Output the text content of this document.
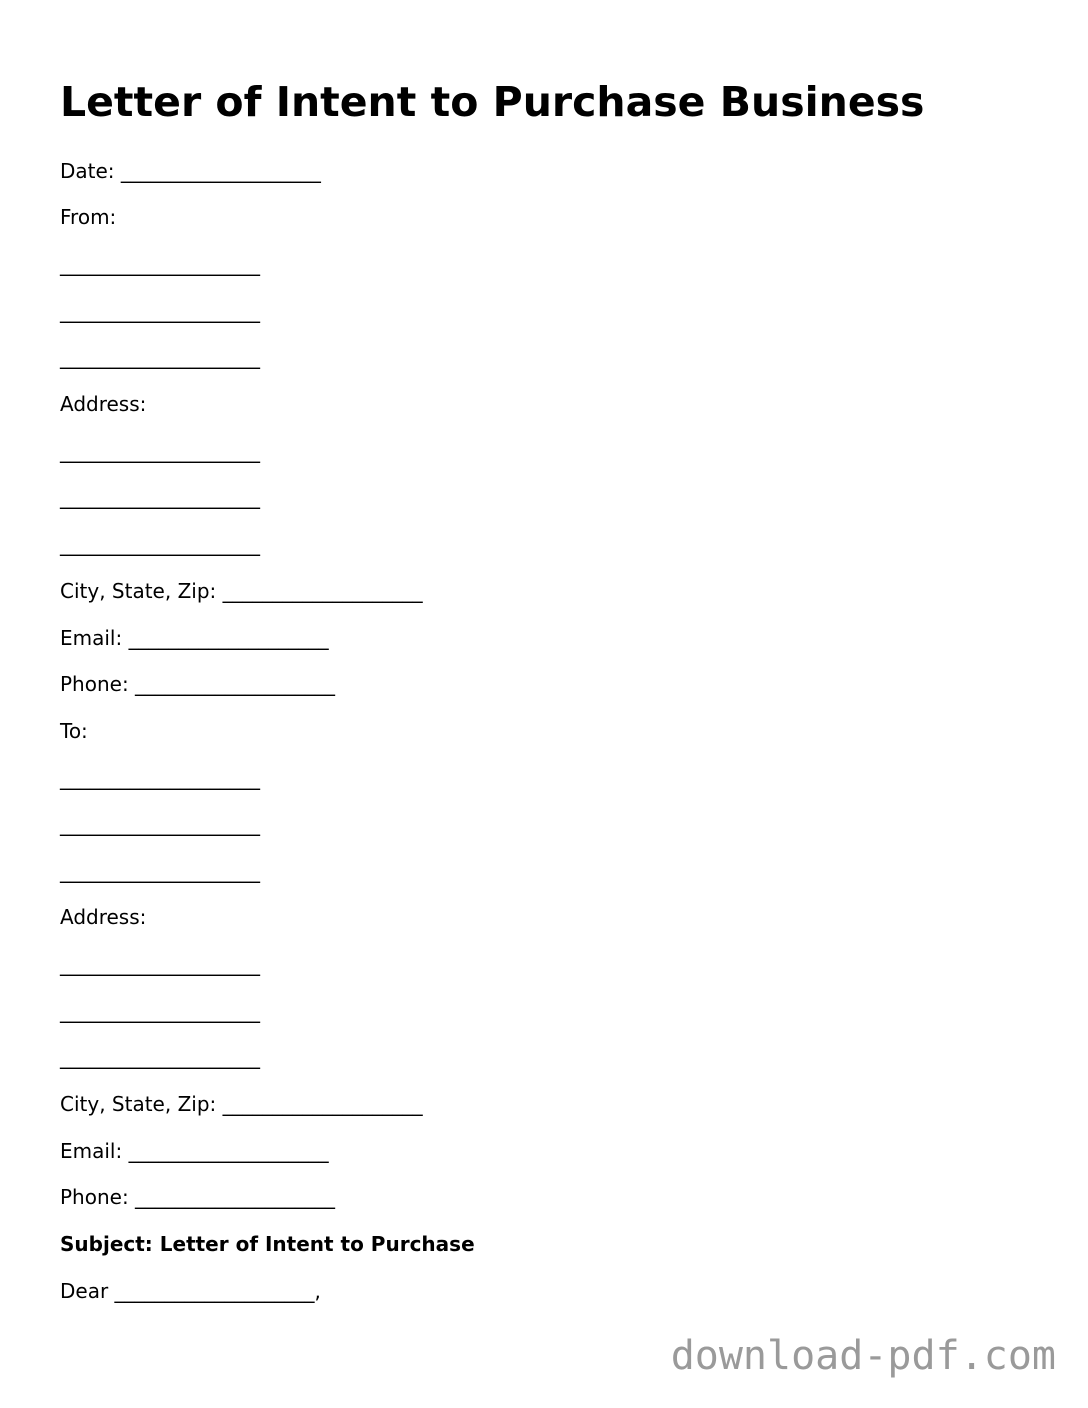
Letter of Intent to Purchase Business
Date: ____________________
From:
____________________
____________________
____________________
Address:
____________________
____________________
____________________
City, State, Zip: ____________________
Email: ____________________
Phone: ____________________
To:
____________________
____________________
____________________
Address:
____________________
____________________
____________________
City, State, Zip: ____________________
Email: ____________________
Phone: ____________________
Subject: Letter of Intent to Purchase
Dear ____________________,
download-pdf.com
